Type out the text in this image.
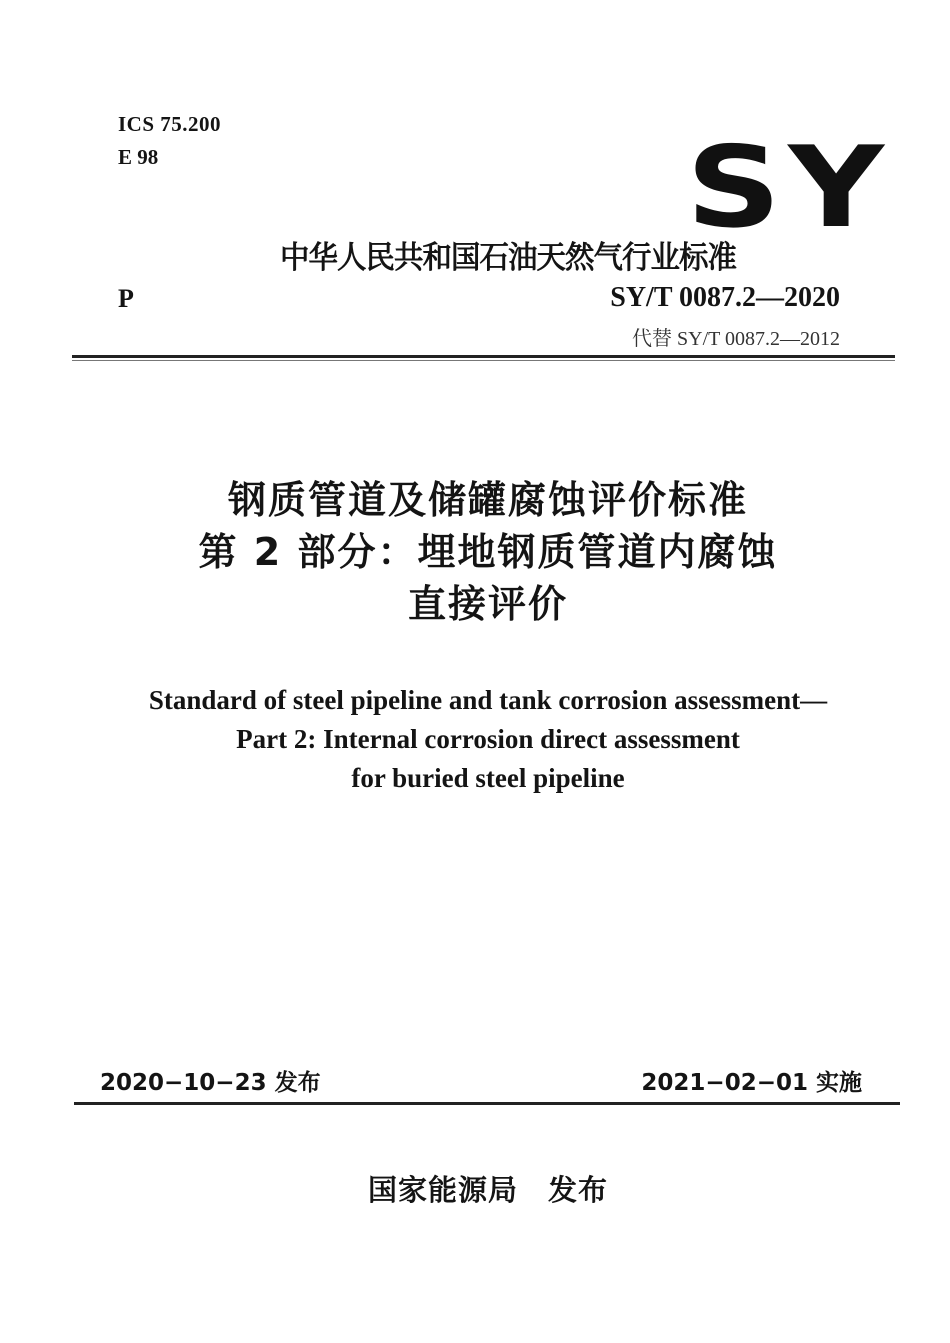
ICS 75.200
E 98	SY
中华人民共和国石油天然气行业标准
P	SY/T 0087.2—2020
代替 SY/T 0087.2—2012
钢质管道及储罐腐蚀评价标准
第 2 部分：埋地钢质管道内腐蚀
直接评价
Standard of steel pipeline and tank corrosion assessment—
Part 2: Internal corrosion direct assessment
for buried steel pipeline
2020−10−23 发布	2021−02−01 实施
国家能源局 发布
